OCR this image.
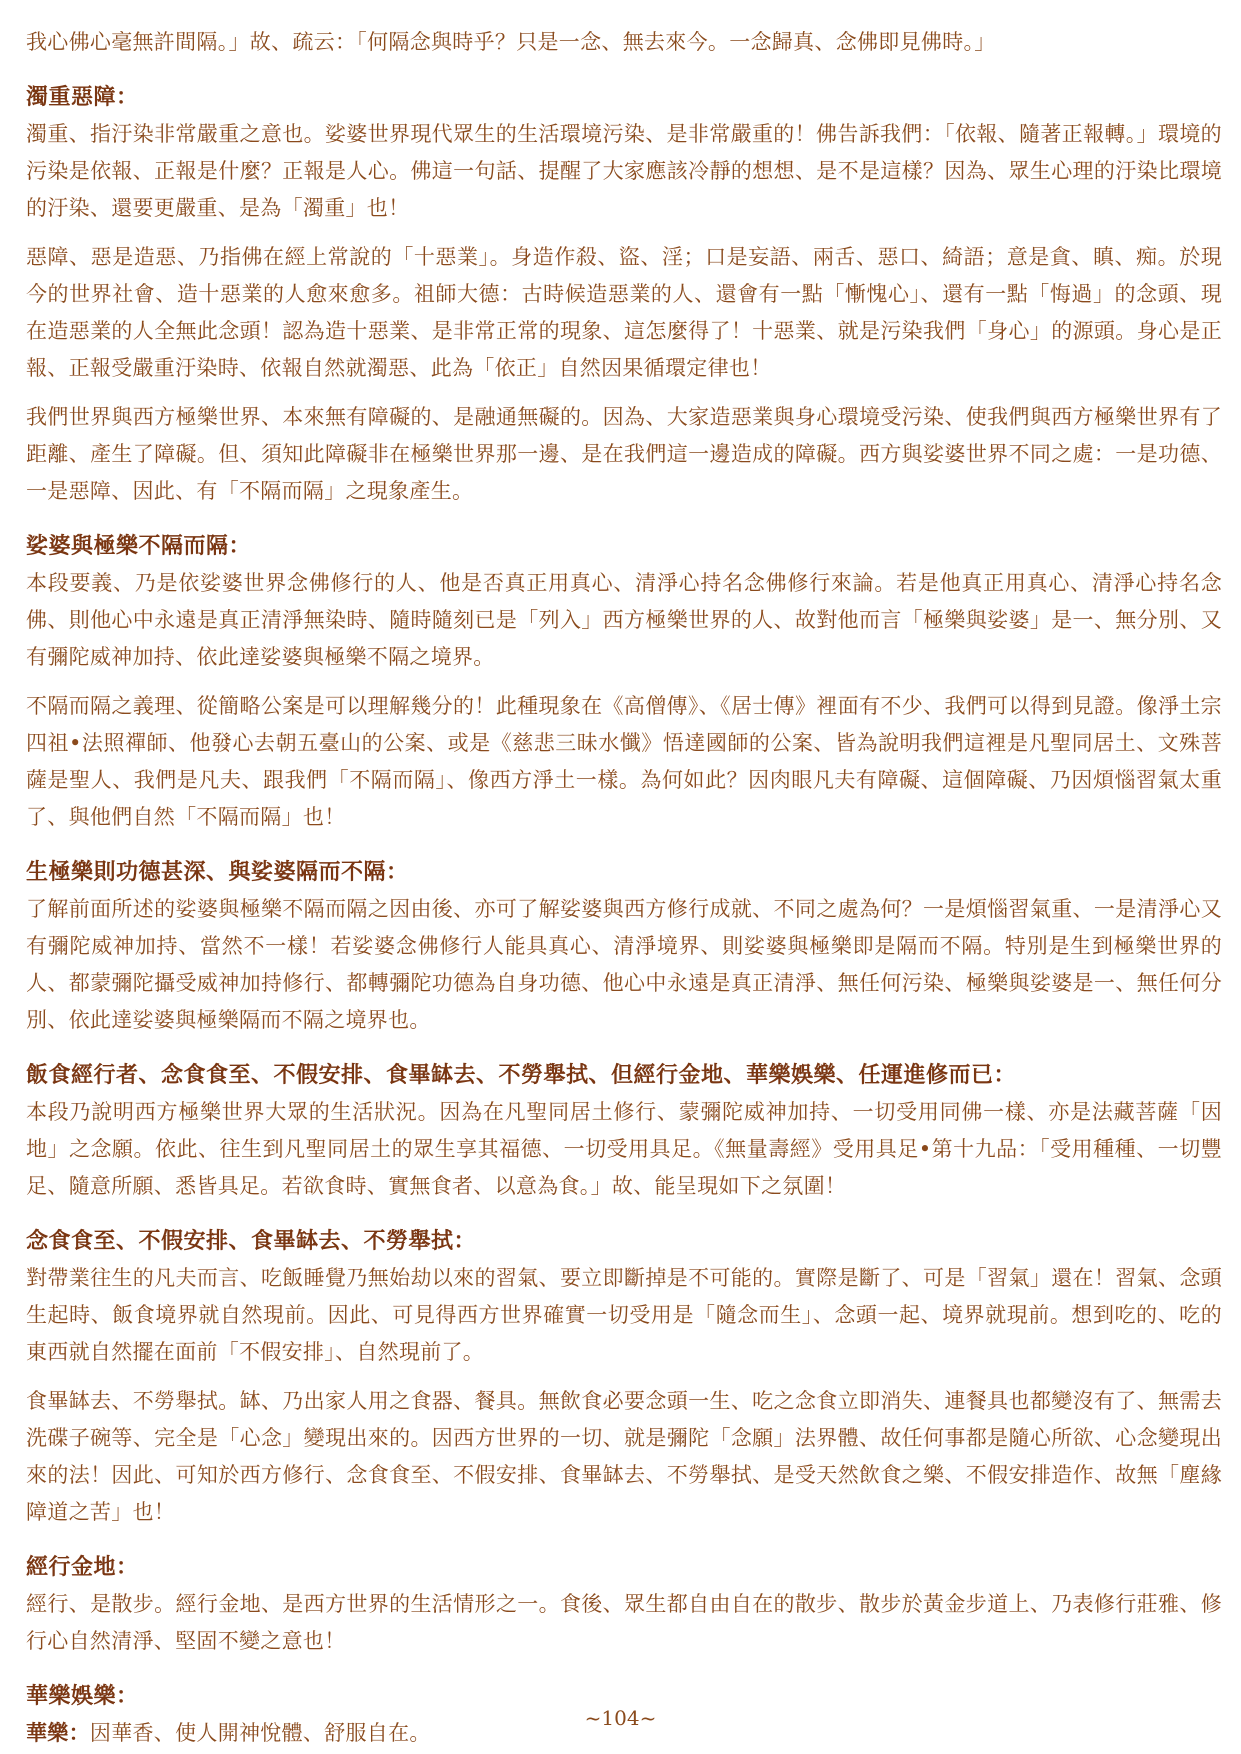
我心佛心毫無許間隔。」故、疏云：「何隔念與時乎？只是一念、無去來今。一念歸真、念佛即見佛時。」

濁重惡障：

濁重、指汙染非常嚴重之意也。娑婆世界現代眾生的生活環境污染、是非常嚴重的！佛告訴我們：「依報、隨著正報轉。」環境的污染是依報、正報是什麼？正報是人心。佛這一句話、提醒了大家應該冷靜的想想、是不是這樣？因為、眾生心理的汙染比環境的汙染、還要更嚴重、是為「濁重」也！

惡障、惡是造惡、乃指佛在經上常說的「十惡業」。身造作殺、盜、淫；口是妄語、兩舌、惡口、綺語；意是貪、瞋、痴。於現今的世界社會、造十惡業的人愈來愈多。祖師大德：古時候造惡業的人、還會有一點「慚愧心」、還有一點「悔過」的念頭、現在造惡業的人全無此念頭！認為造十惡業、是非常正常的現象、這怎麼得了！十惡業、就是污染我們「身心」的源頭。身心是正報、正報受嚴重汙染時、依報自然就濁惡、此為「依正」自然因果循環定律也！

我們世界與西方極樂世界、本來無有障礙的、是融通無礙的。因為、大家造惡業與身心環境受污染、使我們與西方極樂世界有了距離、產生了障礙。但、須知此障礙非在極樂世界那一邊、是在我們這一邊造成的障礙。西方與娑婆世界不同之處：一是功德、一是惡障、因此、有「不隔而隔」之現象產生。

娑婆與極樂不隔而隔：

本段要義、乃是依娑婆世界念佛修行的人、他是否真正用真心、清淨心持名念佛修行來論。若是他真正用真心、清淨心持名念佛、則他心中永遠是真正清淨無染時、隨時隨刻已是「列入」西方極樂世界的人、故對他而言「極樂與娑婆」是一、無分別、又有彌陀威神加持、依此達娑婆與極樂不隔之境界。

不隔而隔之義理、從簡略公案是可以理解幾分的！此種現象在《高僧傳》、《居士傳》裡面有不少、我們可以得到見證。像淨土宗四祖•法照禪師、他發心去朝五臺山的公案、或是《慈悲三昧水懺》悟達國師的公案、皆為說明我們這裡是凡聖同居土、文殊菩薩是聖人、我們是凡夫、跟我們「不隔而隔」、像西方淨土一樣。為何如此？因肉眼凡夫有障礙、這個障礙、乃因煩惱習氣太重了、與他們自然「不隔而隔」也！

生極樂則功德甚深、與娑婆隔而不隔：

了解前面所述的娑婆與極樂不隔而隔之因由後、亦可了解娑婆與西方修行成就、不同之處為何？一是煩惱習氣重、一是清淨心又有彌陀威神加持、當然不一樣！若娑婆念佛修行人能具真心、清淨境界、則娑婆與極樂即是隔而不隔。特別是生到極樂世界的人、都蒙彌陀攝受威神加持修行、都轉彌陀功德為自身功德、他心中永遠是真正清淨、無任何污染、極樂與娑婆是一、無任何分別、依此達娑婆與極樂隔而不隔之境界也。

飯食經行者、念食食至、不假安排、食畢缽去、不勞舉拭、但經行金地、華樂娛樂、任運進修而已：

本段乃說明西方極樂世界大眾的生活狀況。因為在凡聖同居土修行、蒙彌陀威神加持、一切受用同佛一樣、亦是法藏菩薩「因地」之念願。依此、往生到凡聖同居土的眾生享其福德、一切受用具足。《無量壽經》受用具足•第十九品：「受用種種、一切豐足、隨意所願、悉皆具足。若欲食時、實無食者、以意為食。」故、能呈現如下之氛圍！

念食食至、不假安排、食畢缽去、不勞舉拭：

對帶業往生的凡夫而言、吃飯睡覺乃無始劫以來的習氣、要立即斷掉是不可能的。實際是斷了、可是「習氣」還在！習氣、念頭生起時、飯食境界就自然現前。因此、可見得西方世界確實一切受用是「隨念而生」、念頭一起、境界就現前。想到吃的、吃的東西就自然擺在面前「不假安排」、自然現前了。

食畢缽去、不勞舉拭。缽、乃出家人用之食器、餐具。無飲食必要念頭一生、吃之念食立即消失、連餐具也都變沒有了、無需去洗碟子碗等、完全是「心念」變現出來的。因西方世界的一切、就是彌陀「念願」法界體、故任何事都是隨心所欲、心念變現出來的法！因此、可知於西方修行、念食食至、不假安排、食畢缽去、不勞舉拭、是受天然飲食之樂、不假安排造作、故無「塵緣障道之苦」也！

經行金地：

經行、是散步。經行金地、是西方世界的生活情形之一。食後、眾生都自由自在的散步、散步於黃金步道上、乃表修行莊雅、修行心自然清淨、堅固不變之意也！

華樂娛樂：

華樂：因華香、使人開神悅體、舒服自在。

~104~
